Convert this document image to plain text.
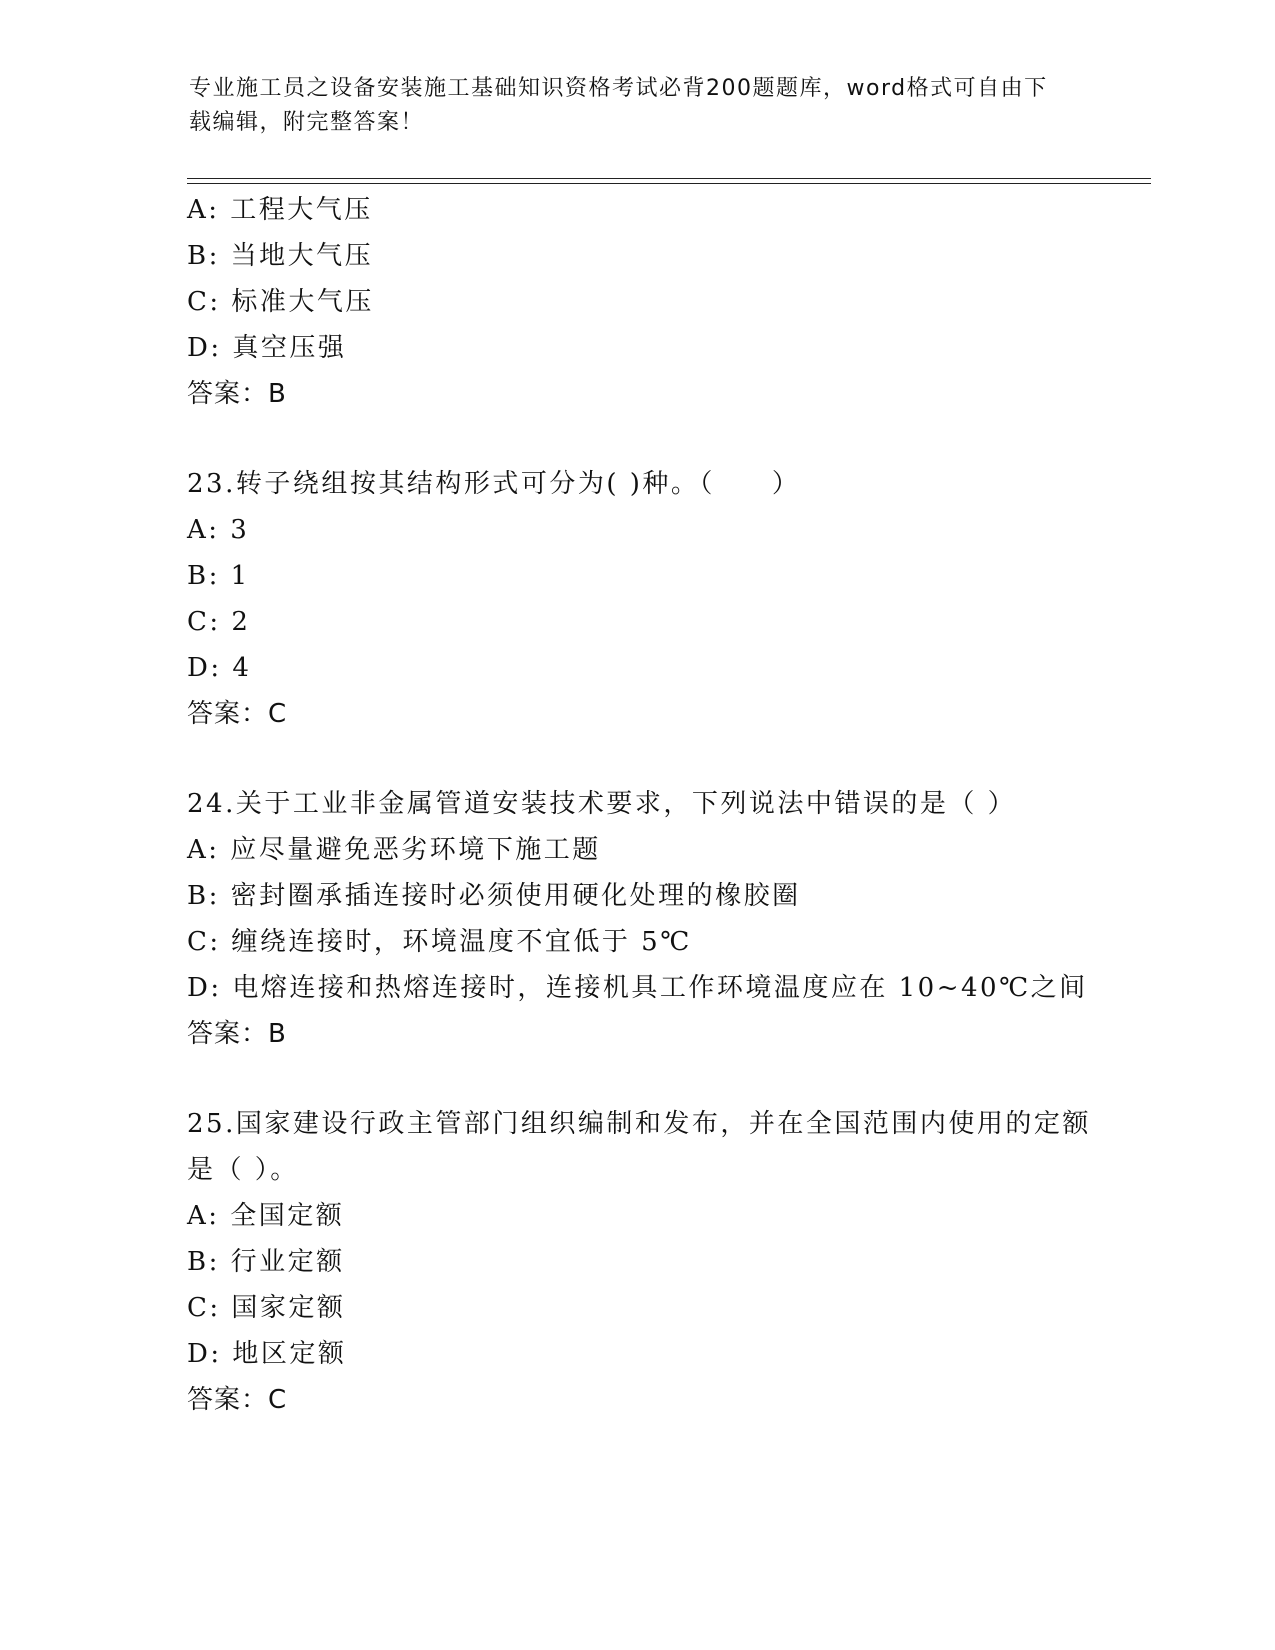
专业施工员之设备安装施工基础知识资格考试必背200题题库，word格式可自由下载编辑，附完整答案！
A: 工程大气压
B: 当地大气压
C: 标准大气压
D: 真空压强
答案：B
23.转子绕组按其结构形式可分为( )种。（　　）
A: 3
B: 1
C: 2
D: 4
答案：C
24.关于工业非金属管道安装技术要求，下列说法中错误的是（ ）
A: 应尽量避免恶劣环境下施工题
B: 密封圈承插连接时必须使用硬化处理的橡胶圈
C: 缠绕连接时，环境温度不宜低于 5℃
D: 电熔连接和热熔连接时，连接机具工作环境温度应在 10~40℃之间
答案：B
25.国家建设行政主管部门组织编制和发布，并在全国范围内使用的定额是（ ）。
A: 全国定额
B: 行业定额
C: 国家定额
D: 地区定额
答案：C
